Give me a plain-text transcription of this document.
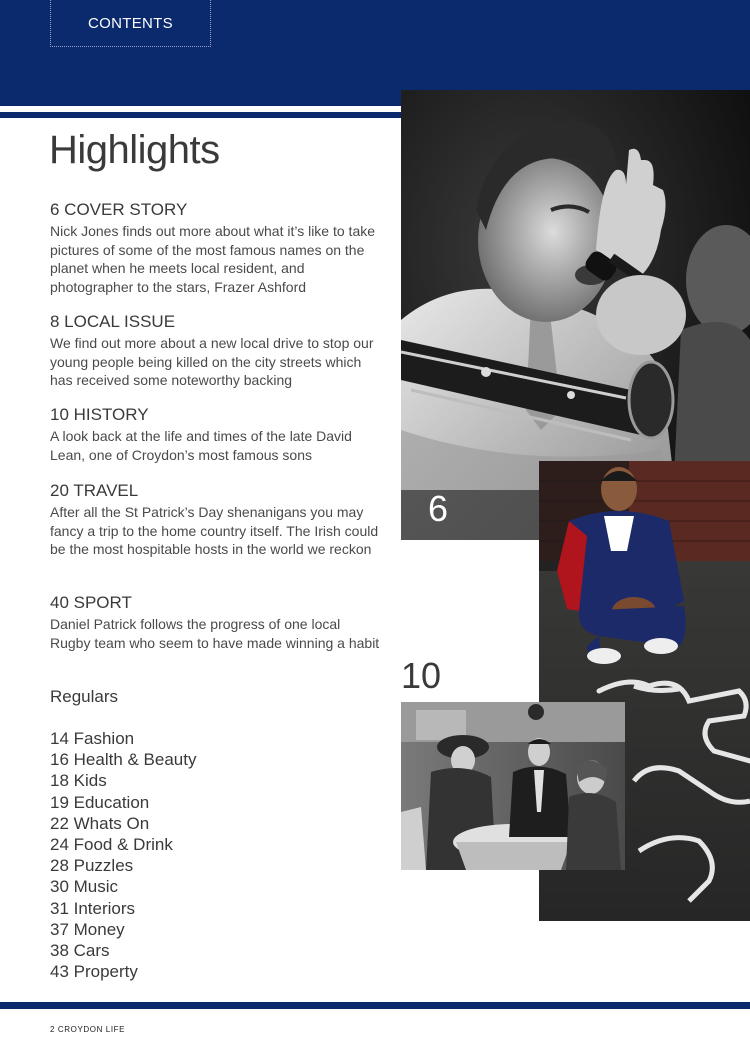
CONTENTS
Highlights
6 COVER STORY
Nick Jones finds out more about what it’s like to take pictures of some of the most famous names on the planet when he meets local resident, and photographer to the stars, Frazer Ashford
8 LOCAL ISSUE
We find out more about a new local drive to stop our young people being killed on the city streets which has received some noteworthy backing
10 HISTORY
A look back at the life and times of the late David Lean, one of Croydon’s most famous sons
20 TRAVEL
After all the St Patrick’s Day shenanigans you may fancy a trip to the home country itself. The Irish could be the most hospitable hosts in the world we reckon
40 SPORT
Daniel Patrick follows the progress of one local Rugby team who seem to have made winning a habit
Regulars
14 Fashion
16 Health & Beauty
18 Kids
19 Education
22 Whats On
24 Food & Drink
28 Puzzles
30 Music
31 Interiors
37 Money
38 Cars
43 Property
6
10
2 CROYDON LIFE
